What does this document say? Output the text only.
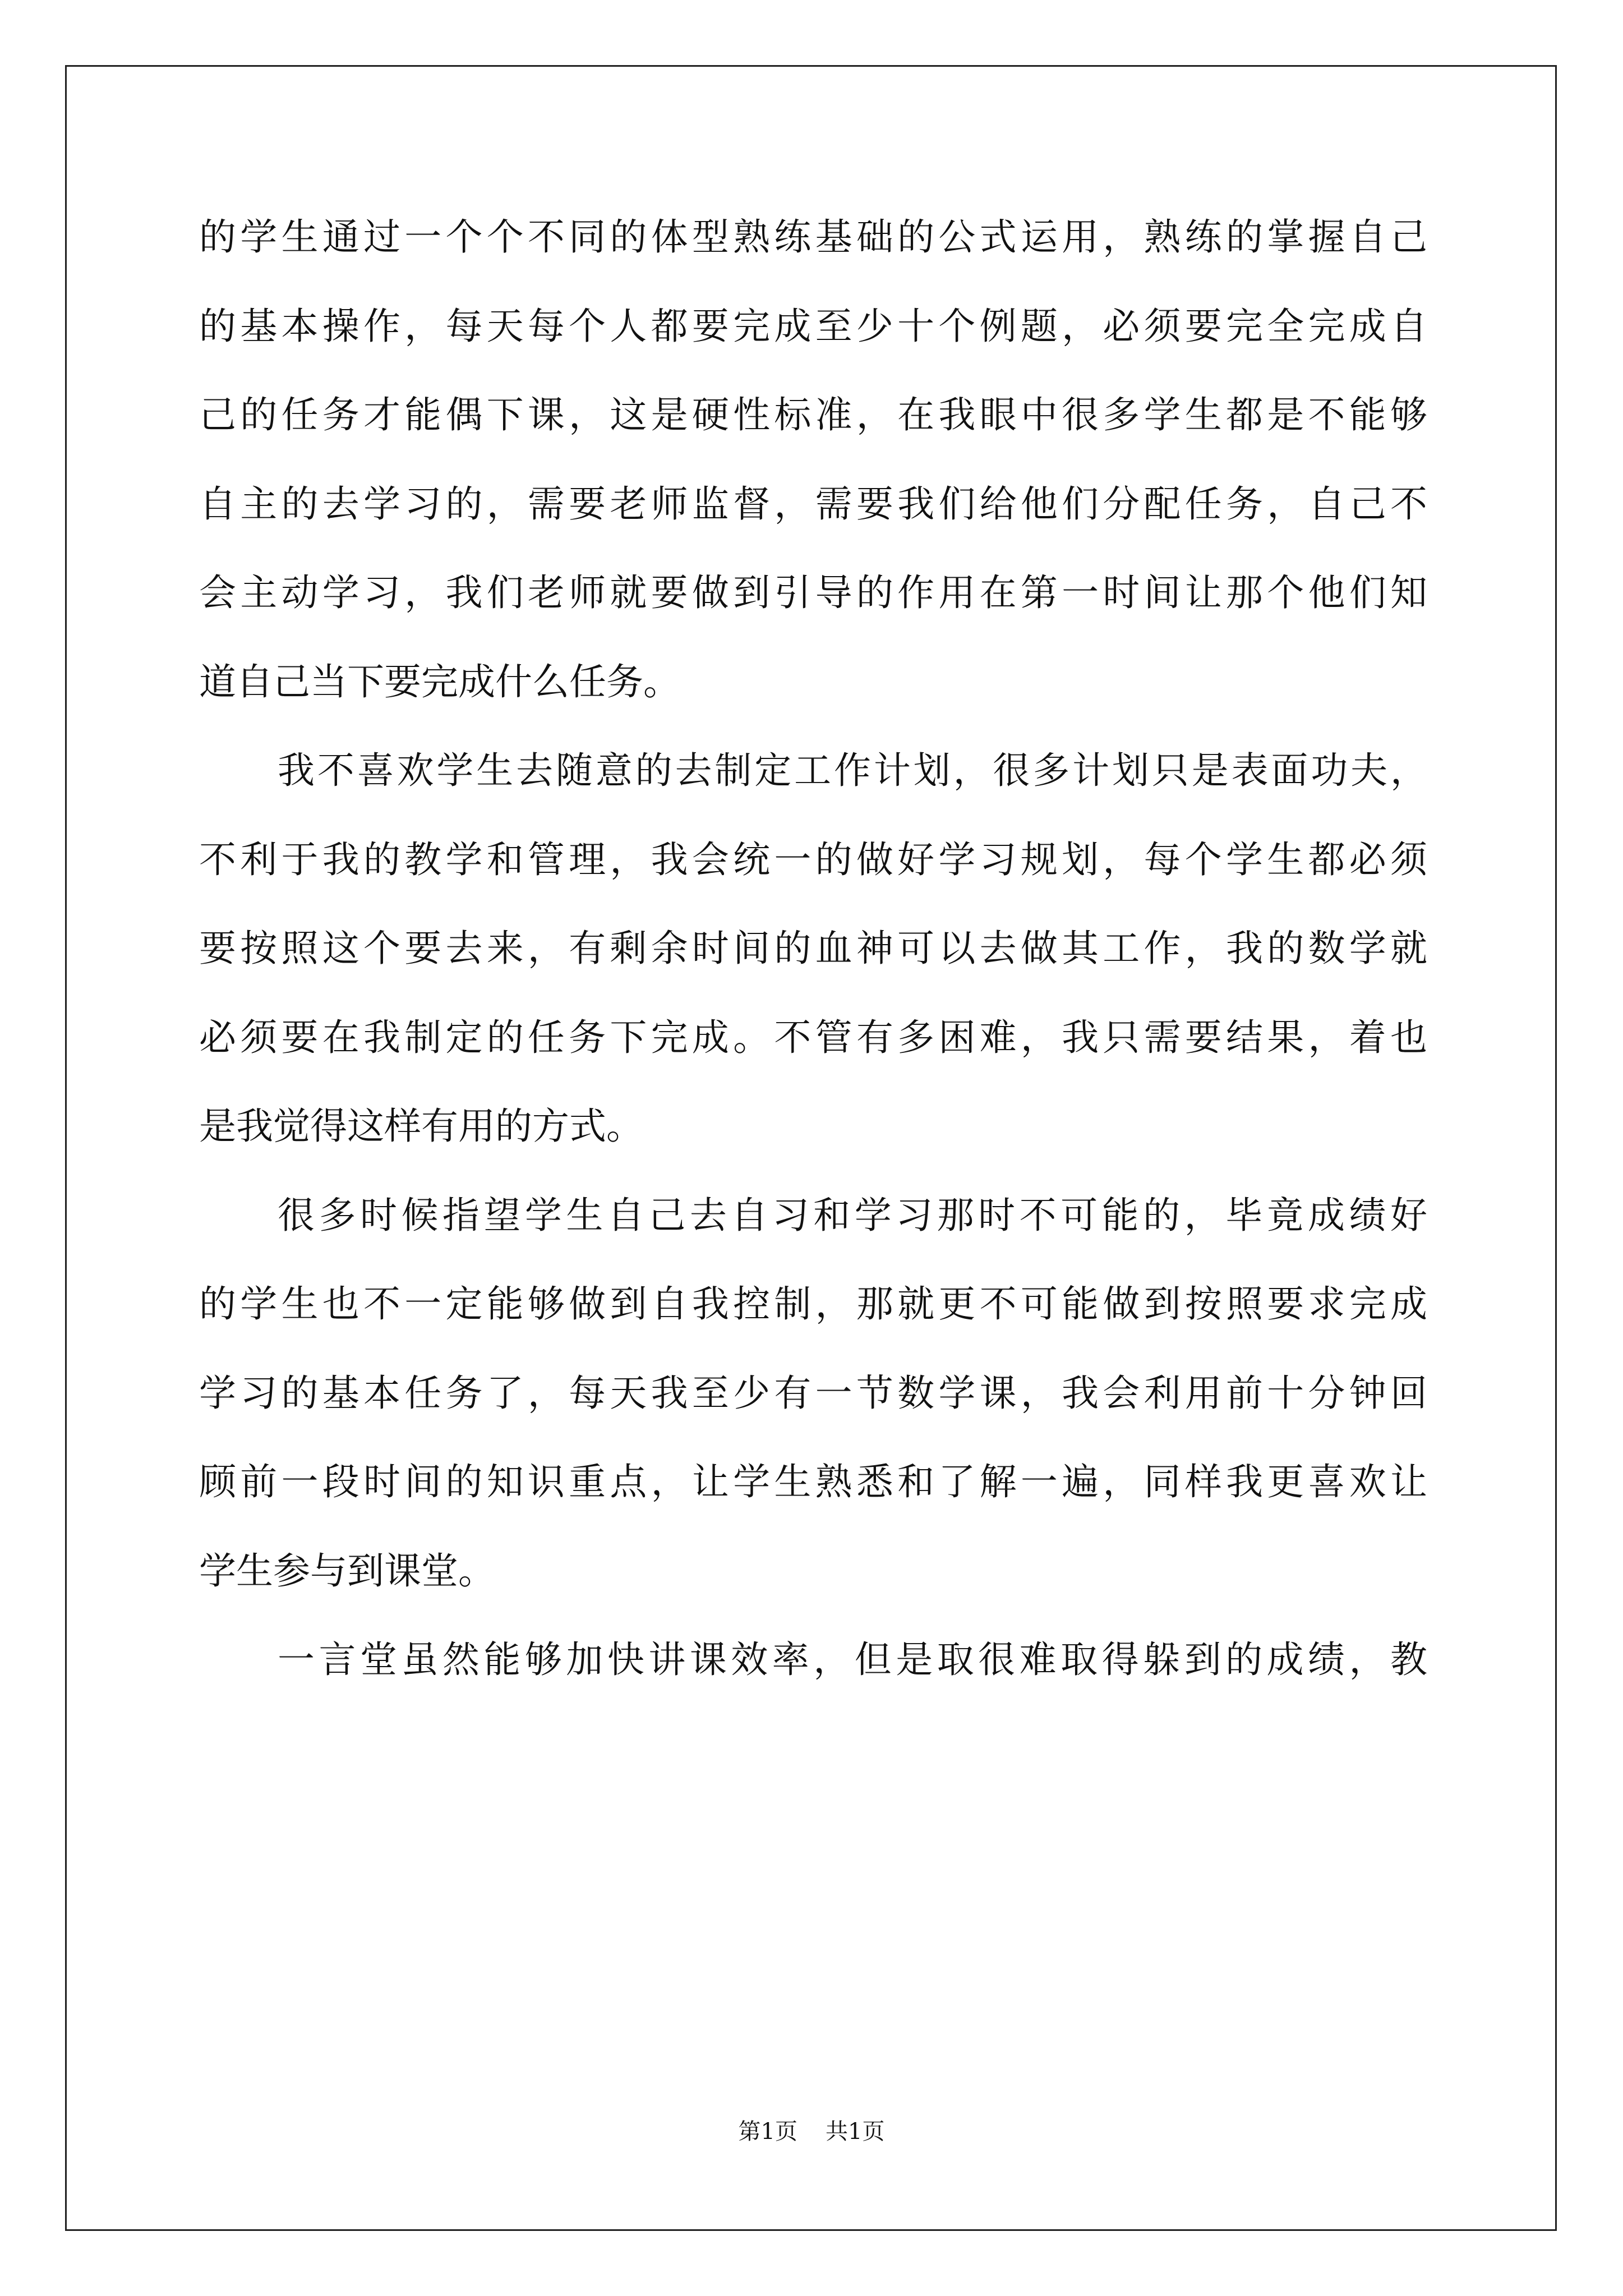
的学生通过一个个不同的体型熟练基础的公式运用，熟练的掌握自己
的基本操作，每天每个人都要完成至少十个例题，必须要完全完成自
己的任务才能偶下课，这是硬性标准，在我眼中很多学生都是不能够
自主的去学习的，需要老师监督，需要我们给他们分配任务，自己不
会主动学习，我们老师就要做到引导的作用在第一时间让那个他们知
道自己当下要完成什么任务。
我不喜欢学生去随意的去制定工作计划，很多计划只是表面功夫，
不利于我的教学和管理，我会统一的做好学习规划，每个学生都必须
要按照这个要去来，有剩余时间的血神可以去做其工作，我的数学就
必须要在我制定的任务下完成。不管有多困难，我只需要结果，着也
是我觉得这样有用的方式。
很多时候指望学生自己去自习和学习那时不可能的，毕竟成绩好
的学生也不一定能够做到自我控制，那就更不可能做到按照要求完成
学习的基本任务了，每天我至少有一节数学课，我会利用前十分钟回
顾前一段时间的知识重点，让学生熟悉和了解一遍，同样我更喜欢让
学生参与到课堂。
一言堂虽然能够加快讲课效率，但是取很难取得躲到的成绩，教
第1页 共1页
